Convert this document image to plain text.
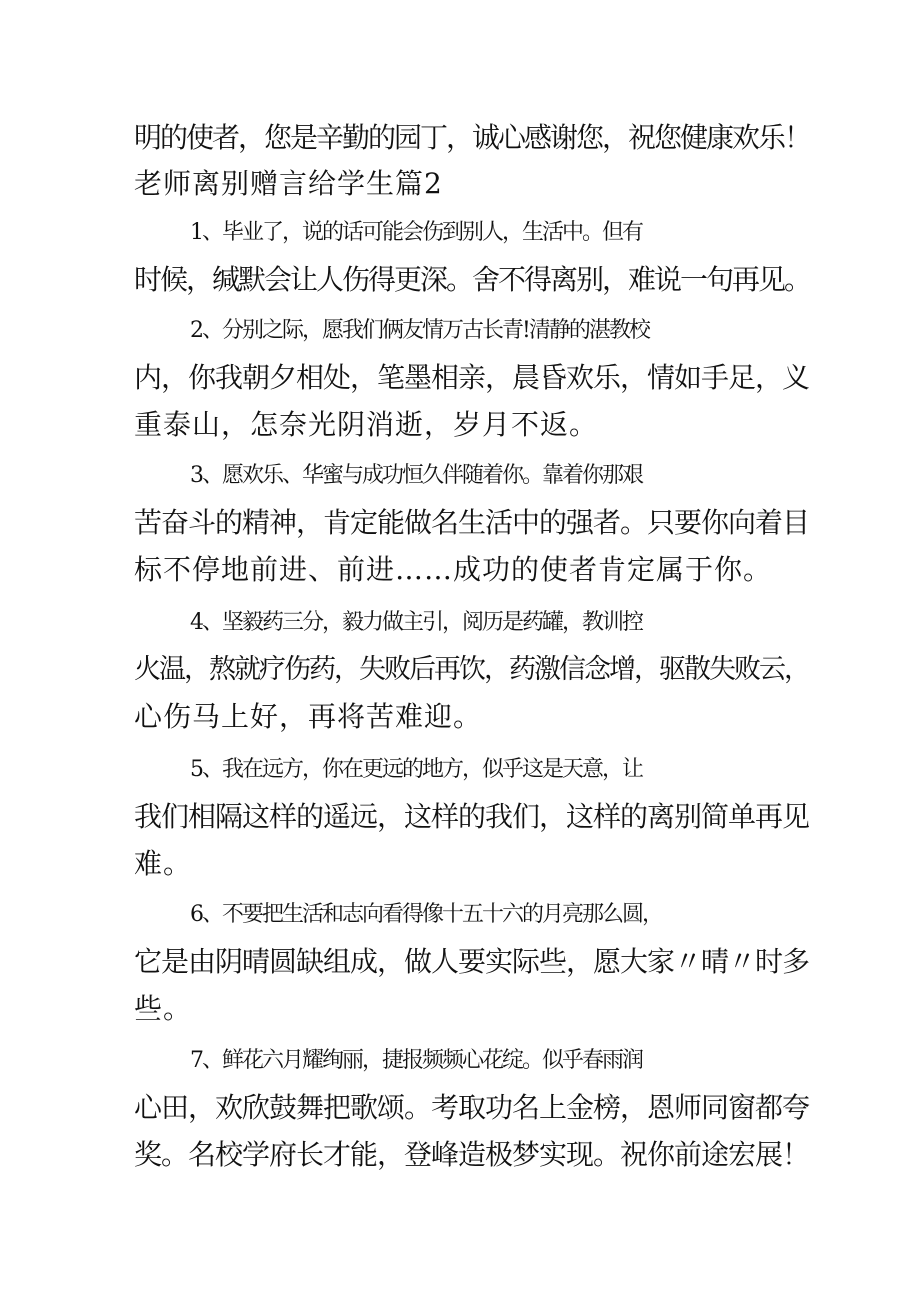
明的使者，您是辛勤的园丁，诚心感谢您，祝您健康欢乐！
老师离别赠言给学生篇2
1、毕业了，说的话可能会伤到别人，生活中。但有
时候，缄默会让人伤得更深。舍不得离别，难说一句再见。
2、分别之际，愿我们俩友情万古长青!清静的湛教校
内，你我朝夕相处，笔墨相亲，晨昏欢乐，情如手足，义
重泰山，怎奈光阴消逝，岁月不返。
3、愿欢乐、华蜜与成功恒久伴随着你。靠着你那艰
苦奋斗的精神，肯定能做名生活中的强者。只要你向着目
标不停地前进、前进……成功的使者肯定属于你。
4、坚毅药三分，毅力做主引，阅历是药罐，教训控
火温，熬就疗伤药，失败后再饮，药激信念增，驱散失败云，
心伤马上好，再将苦难迎。
5、我在远方，你在更远的地方，似乎这是天意，让
我们相隔这样的遥远，这样的我们，这样的离别简单再见
难。
6、不要把生活和志向看得像十五十六的月亮那么圆，
它是由阴晴圆缺组成，做人要实际些，愿大家〃晴〃时多
些。
7、鲜花六月耀绚丽，捷报频频心花绽。似乎春雨润
心田，欢欣鼓舞把歌颂。考取功名上金榜，恩师同窗都夸
奖。名校学府长才能，登峰造极梦实现。祝你前途宏展！
